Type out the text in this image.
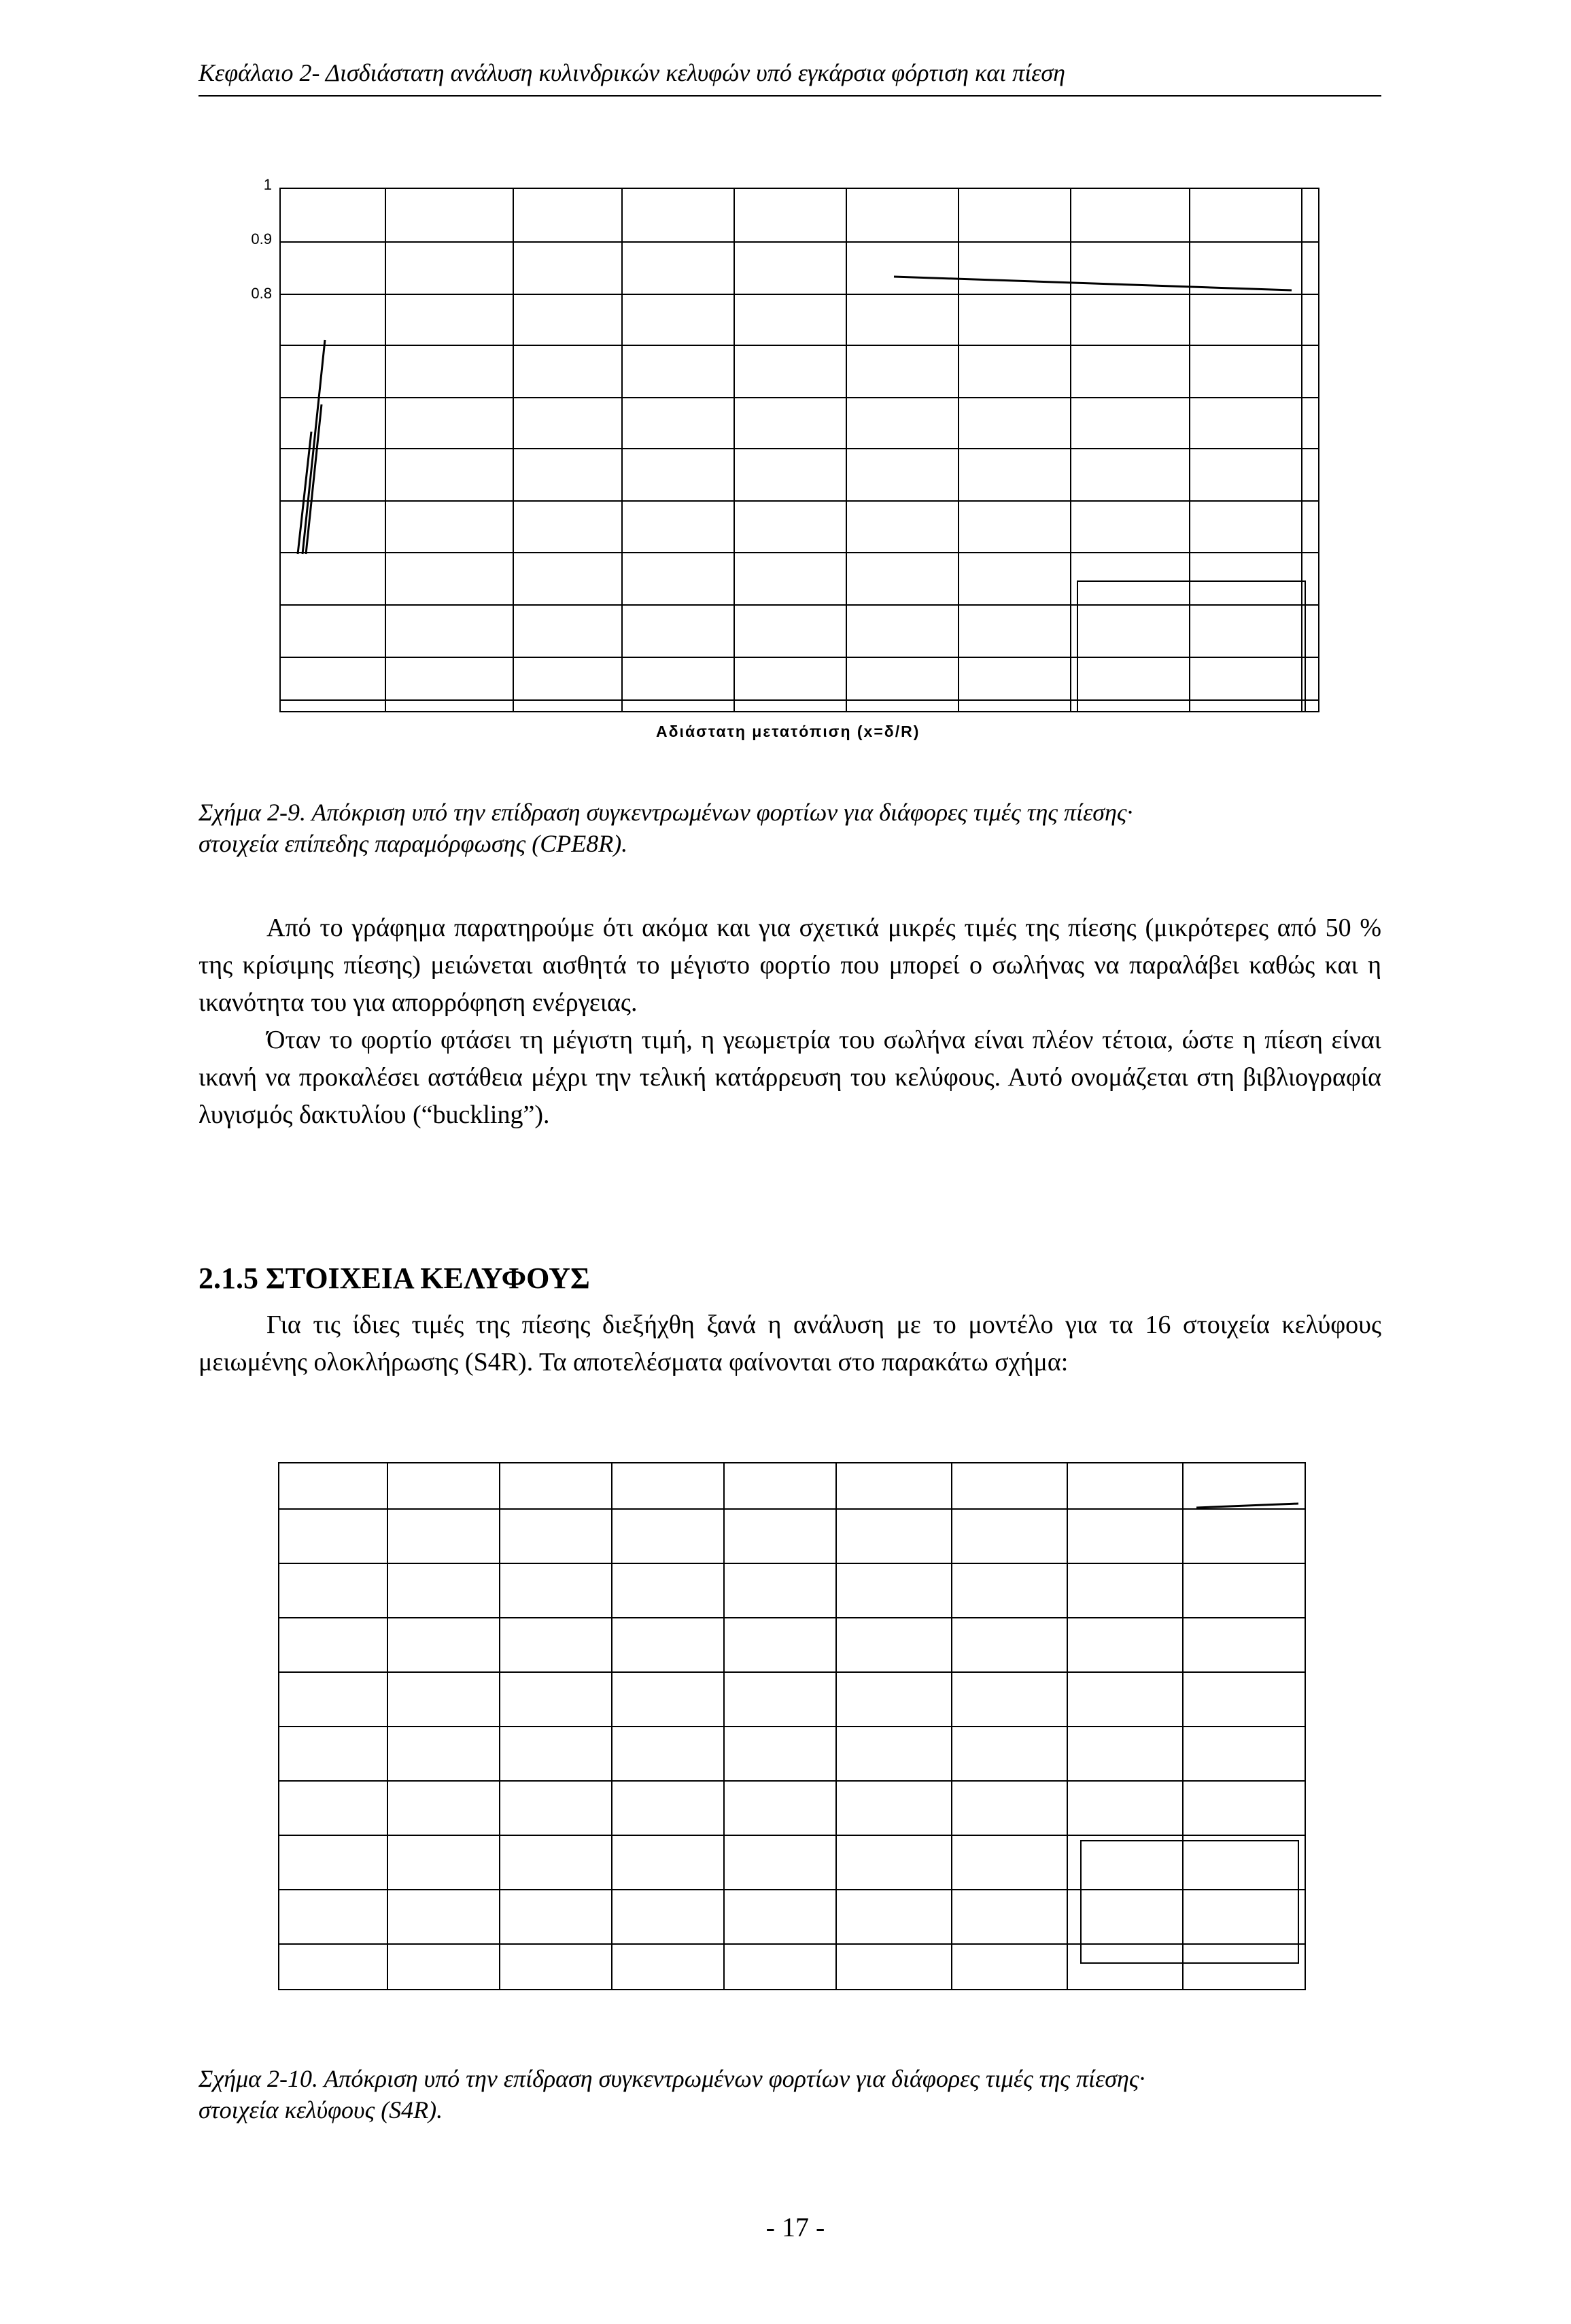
Κεφάλαιο 2- Δισδιάστατη ανάλυση κυλινδρικών κελυφών υπό εγκάρσια φόρτιση και πίεση
1
0.9
0.8
Αδιάστατη μετατόπιση (x=δ/R)
Σχήμα 2-9. Απόκριση υπό την επίδραση συγκεντρωμένων φορτίων για διάφορες τιμές της πίεσης·
στοιχεία επίπεδης παραμόρφωσης (CPE8R).

Από το γράφημα παρατηρούμε ότι ακόμα και για σχετικά μικρές τιμές της πίεσης (μικρότερες από 50 % της κρίσιμης πίεσης) μειώνεται αισθητά το μέγιστο φορτίο που μπορεί ο σωλήνας να παραλάβει καθώς και η ικανότητα του για απορρόφηση ενέργειας.

Όταν το φορτίο φτάσει τη μέγιστη τιμή, η γεωμετρία του σωλήνα είναι πλέον τέτοια, ώστε η πίεση είναι ικανή να προκαλέσει αστάθεια μέχρι την τελική κατάρρευση του κελύφους. Αυτό ονομάζεται στη βιβλιογραφία λυγισμός δακτυλίου (“buckling”).

2.1.5 ΣΤΟΙΧΕΙΑ ΚΕΛΥΦΟΥΣ

Για τις ίδιες τιμές της πίεσης διεξήχθη ξανά η ανάλυση με το μοντέλο για τα 16 στοιχεία κελύφους μειωμένης ολοκλήρωσης (S4R). Τα αποτελέσματα φαίνονται στο παρακάτω σχήμα:

Σχήμα 2-10. Απόκριση υπό την επίδραση συγκεντρωμένων φορτίων για διάφορες τιμές της πίεσης·
στοιχεία κελύφους (S4R).
- 17 -
